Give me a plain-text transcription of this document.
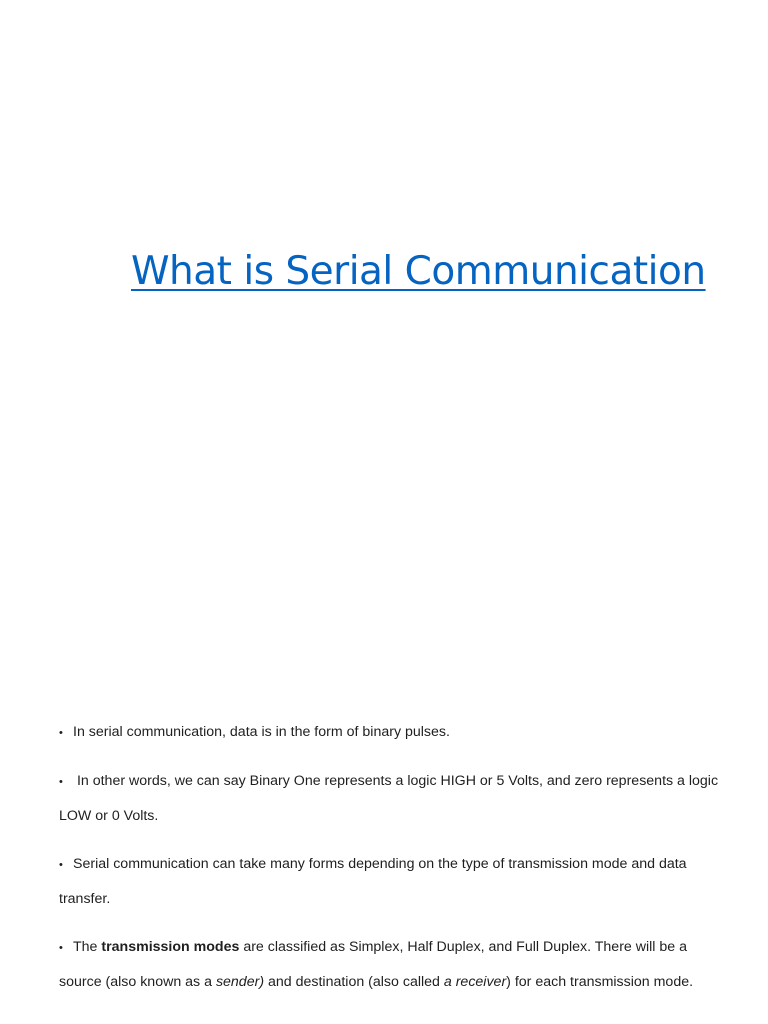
What is Serial Communication
• In serial communication, data is in the form of binary pulses.
• In other words, we can say Binary One represents a logic HIGH or 5 Volts, and zero represents a logic LOW or 0 Volts.
• Serial communication can take many forms depending on the type of transmission mode and data transfer.
• The transmission modes are classified as Simplex, Half Duplex, and Full Duplex. There will be a source (also known as a sender) and destination (also called a receiver) for each transmission mode.
